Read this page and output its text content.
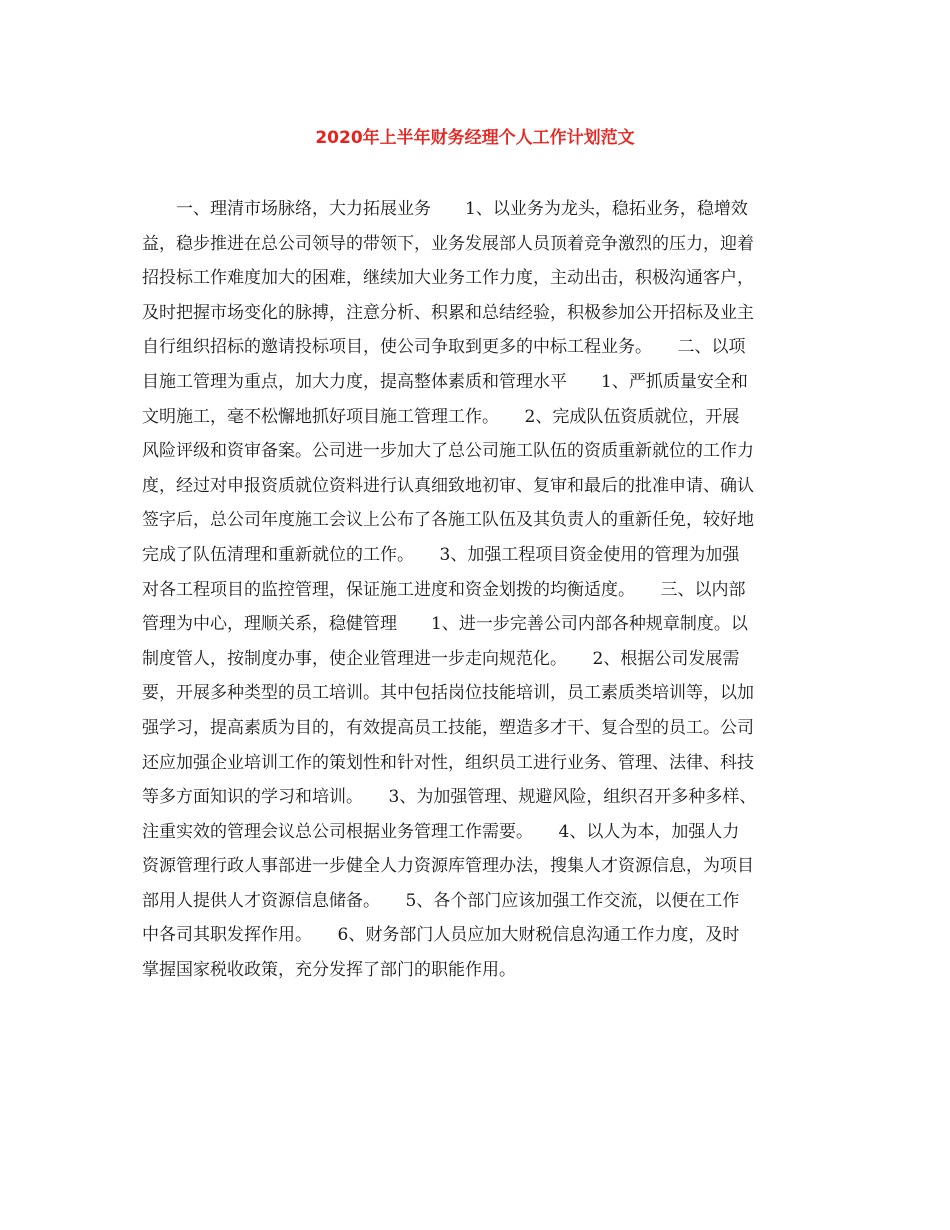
2020年上半年财务经理个人工作计划范文
　　一、理清市场脉络，大力拓展业务　　1、以业务为龙头，稳拓业务，稳增效
益，稳步推进在总公司领导的带领下，业务发展部人员顶着竞争激烈的压力，迎着
招投标工作难度加大的困难，继续加大业务工作力度，主动出击，积极沟通客户，
及时把握市场变化的脉搏，注意分析、积累和总结经验，积极参加公开招标及业主
自行组织招标的邀请投标项目，使公司争取到更多的中标工程业务。　　二、以项
目施工管理为重点，加大力度，提高整体素质和管理水平　　1、严抓质量安全和
文明施工，毫不松懈地抓好项目施工管理工作。　　2、完成队伍资质就位，开展
风险评级和资审备案。公司进一步加大了总公司施工队伍的资质重新就位的工作力
度，经过对申报资质就位资料进行认真细致地初审、复审和最后的批准申请、确认
签字后，总公司年度施工会议上公布了各施工队伍及其负责人的重新任免，较好地
完成了队伍清理和重新就位的工作。　　3、加强工程项目资金使用的管理为加强
对各工程项目的监控管理，保证施工进度和资金划拨的均衡适度。　　三、以内部
管理为中心，理顺关系，稳健管理　　1、进一步完善公司内部各种规章制度。以
制度管人，按制度办事，使企业管理进一步走向规范化。　　2、根据公司发展需
要，开展多种类型的员工培训。其中包括岗位技能培训，员工素质类培训等，以加
强学习，提高素质为目的，有效提高员工技能，塑造多才干、复合型的员工。公司
还应加强企业培训工作的策划性和针对性，组织员工进行业务、管理、法律、科技
等多方面知识的学习和培训。　　3、为加强管理、规避风险，组织召开多种多样、
注重实效的管理会议总公司根据业务管理工作需要。　　4、以人为本，加强人力
资源管理行政人事部进一步健全人力资源库管理办法，搜集人才资源信息，为项目
部用人提供人才资源信息储备。　　5、各个部门应该加强工作交流，以便在工作
中各司其职发挥作用。　　6、财务部门人员应加大财税信息沟通工作力度，及时
掌握国家税收政策，充分发挥了部门的职能作用。
